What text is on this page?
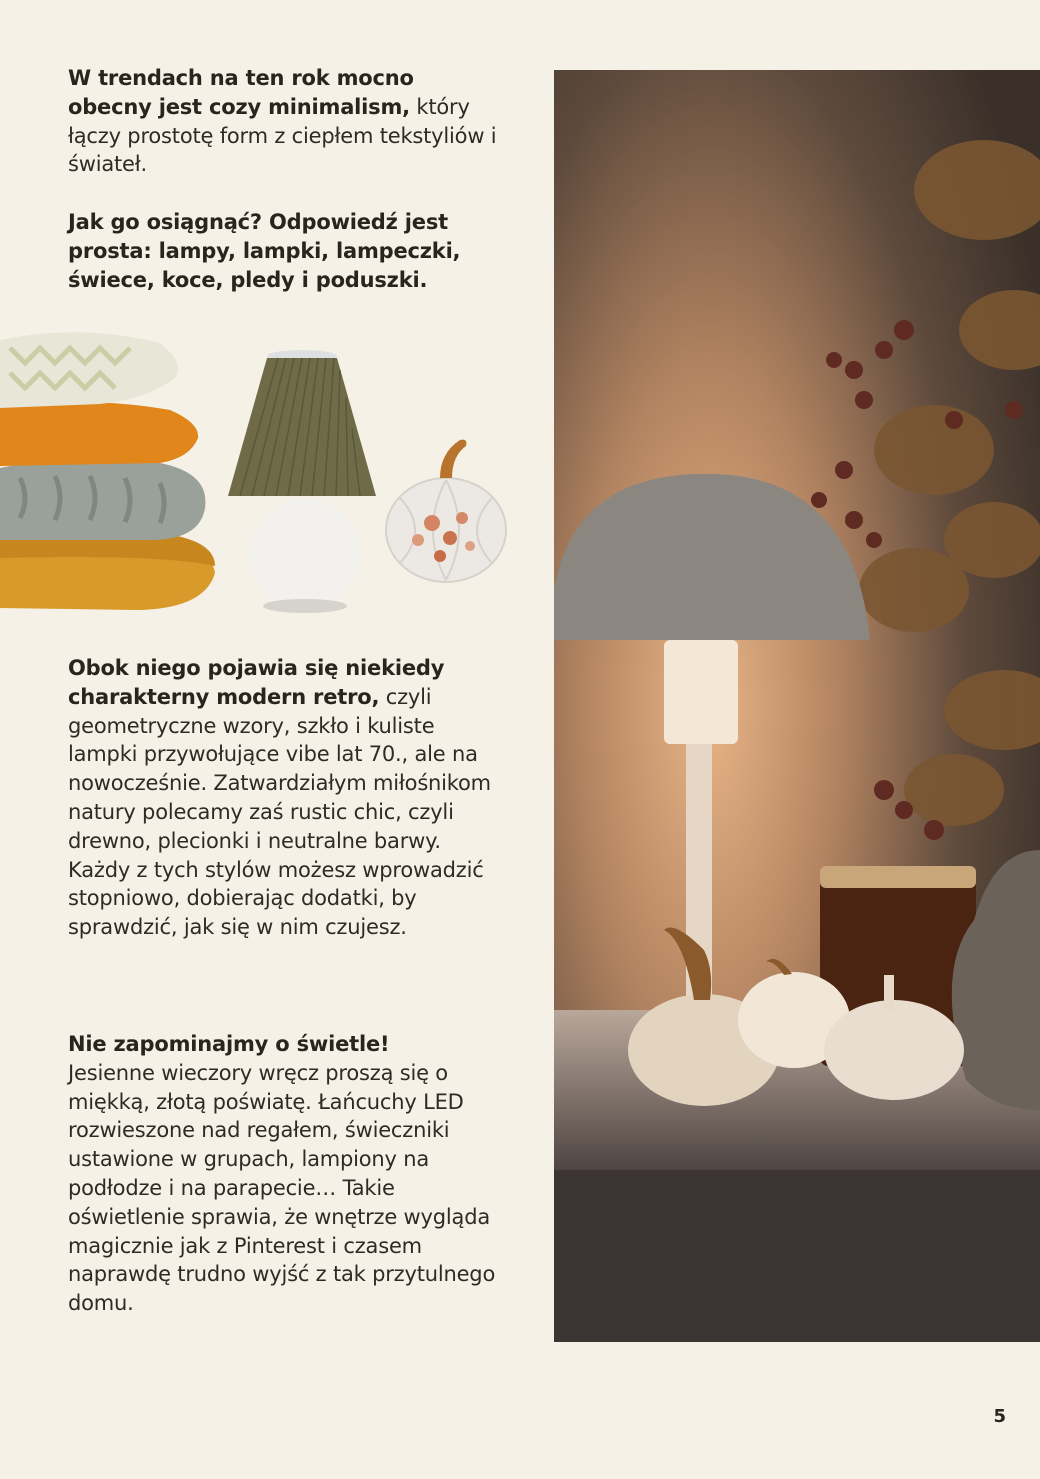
W trendach na ten rok mocno obecny jest cozy minimalism, który łączy prostotę form z ciepłem tekstyliów i świateł.
Jak go osiągnąć? Odpowiedź jest prosta: lampy, lampki, lampeczki, świece, koce, pledy i poduszki.
Obok niego pojawia się niekiedy charakterny modern retro, czyli geometryczne wzory, szkło i kuliste lampki przywołujące vibe lat 70., ale na nowocześnie. Zatwardziałym miłośnikom natury polecamy zaś rustic chic, czyli drewno, plecionki i neutralne barwy. Każdy z tych stylów możesz wprowadzić stopniowo, dobierając dodatki, by sprawdzić, jak się w nim czujesz.
Nie zapominajmy o świetle!
Jesienne wieczory wręcz proszą się o miękką, złotą poświatę. Łańcuchy LED rozwieszone nad regałem, świeczniki ustawione w grupach, lampiony na podłodze i na parapecie… Takie oświetlenie sprawia, że wnętrze wygląda magicznie jak z Pinterest i czasem naprawdę trudno wyjść z tak przytulnego domu.
5
